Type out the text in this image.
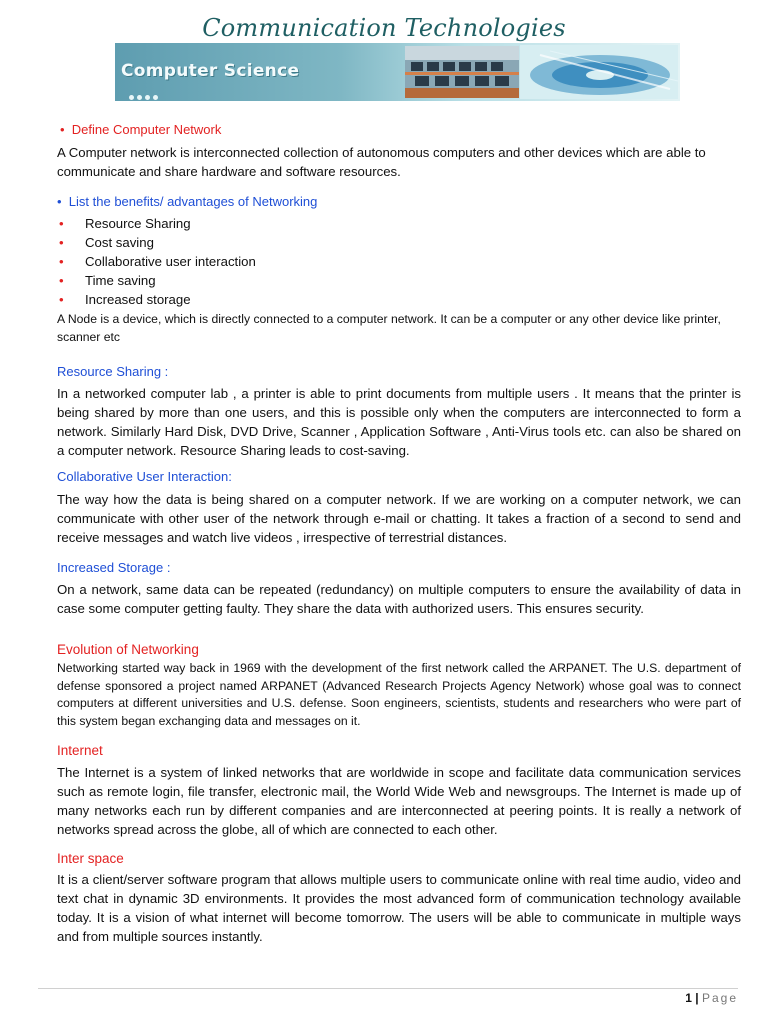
Communication Technologies
Computer Science
• Define Computer Network
A Computer network is interconnected collection of autonomous computers and other devices which are able to communicate and share hardware and software resources.
• List the benefits/ advantages of Networking
• Resource Sharing
• Cost saving
• Collaborative user interaction
• Time saving
• Increased storage
A Node is a device, which is directly connected to a computer network. It can be a computer or any other device like printer, scanner etc
Resource Sharing :
In a networked computer lab , a printer is able to print documents from multiple users . It means that the printer is being shared by more than one users, and this is possible only when the computers are interconnected to form a network. Similarly Hard Disk, DVD Drive, Scanner , Application Software , Anti-Virus tools etc. can also be shared on a computer network. Resource Sharing leads to cost-saving.
Collaborative User Interaction:
The way how the data is being shared on a computer network. If we are working on a computer network, we can communicate with other user of the network through e-mail or chatting. It takes a fraction of a second to send and receive messages and watch live videos , irrespective of terrestrial distances.
Increased Storage :
On a network, same data can be repeated (redundancy) on multiple computers to ensure the availability of data in case some computer getting faulty. They share the data with authorized users. This ensures security.
Evolution of Networking
Networking started way back in 1969 with the development of the first network called the ARPANET. The U.S. department of defense sponsored a project named ARPANET (Advanced Research Projects Agency Network) whose goal was to connect computers at different universities and U.S. defense. Soon engineers, scientists, students and researchers who were part of this system began exchanging data and messages on it.
Internet
The Internet is a system of linked networks that are worldwide in scope and facilitate data communication services such as remote login, file transfer, electronic mail, the World Wide Web and newsgroups. The Internet is made up of many networks each run by different companies and are interconnected at peering points. It is really a network of networks spread across the globe, all of which are connected to each other.
Inter space
It is a client/server software program that allows multiple users to communicate online with real time audio, video and text chat in dynamic 3D environments. It provides the most advanced form of communication technology available today. It is a vision of what internet will become tomorrow. The users will be able to communicate in multiple ways and from multiple sources instantly.
1 | Page
